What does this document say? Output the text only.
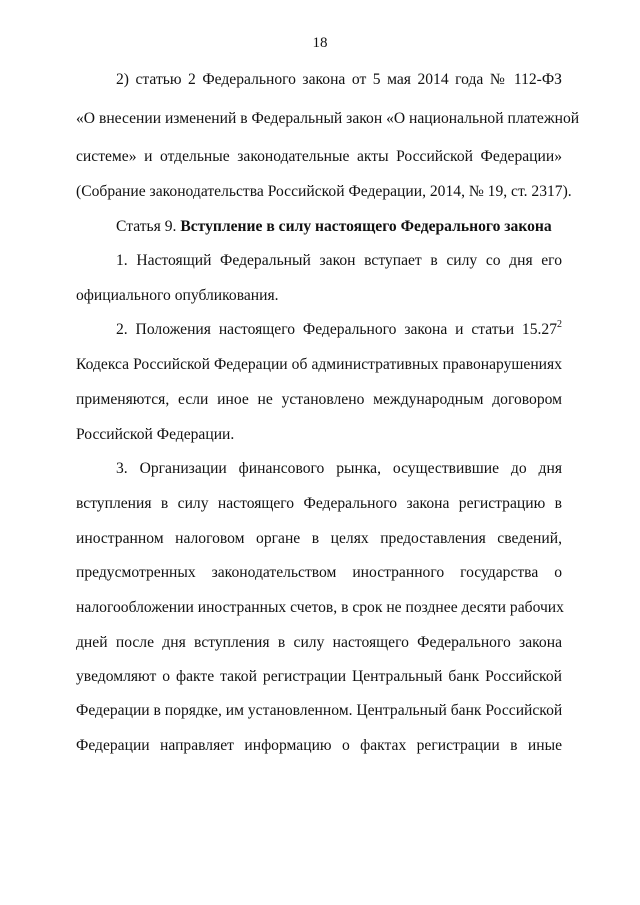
18
2) статью 2 Федерального закона от 5 мая 2014 года № 112-ФЗ
«О внесении изменений в Федеральный закон «О национальной платежной
системе» и отдельные законодательные акты Российской Федерации»
(Собрание законодательства Российской Федерации, 2014, № 19, ст. 2317).
Статья 9. Вступление в силу настоящего Федерального закона
1. Настоящий Федеральный закон вступает в силу со дня его
официального опубликования.
2. Положения настоящего Федерального закона и статьи 15.27$^2$
Кодекса Российской Федерации об административных правонарушениях
применяются, если иное не установлено международным договором
Российской Федерации.
3. Организации финансового рынка, осуществившие до дня
вступления в силу настоящего Федерального закона регистрацию в
иностранном налоговом органе в целях предоставления сведений,
предусмотренных законодательством иностранного государства о
налогообложении иностранных счетов, в срок не позднее десяти рабочих
дней после дня вступления в силу настоящего Федерального закона
уведомляют о факте такой регистрации Центральный банк Российской
Федерации в порядке, им установленном. Центральный банк Российской
Федерации направляет информацию о фактах регистрации в иные
